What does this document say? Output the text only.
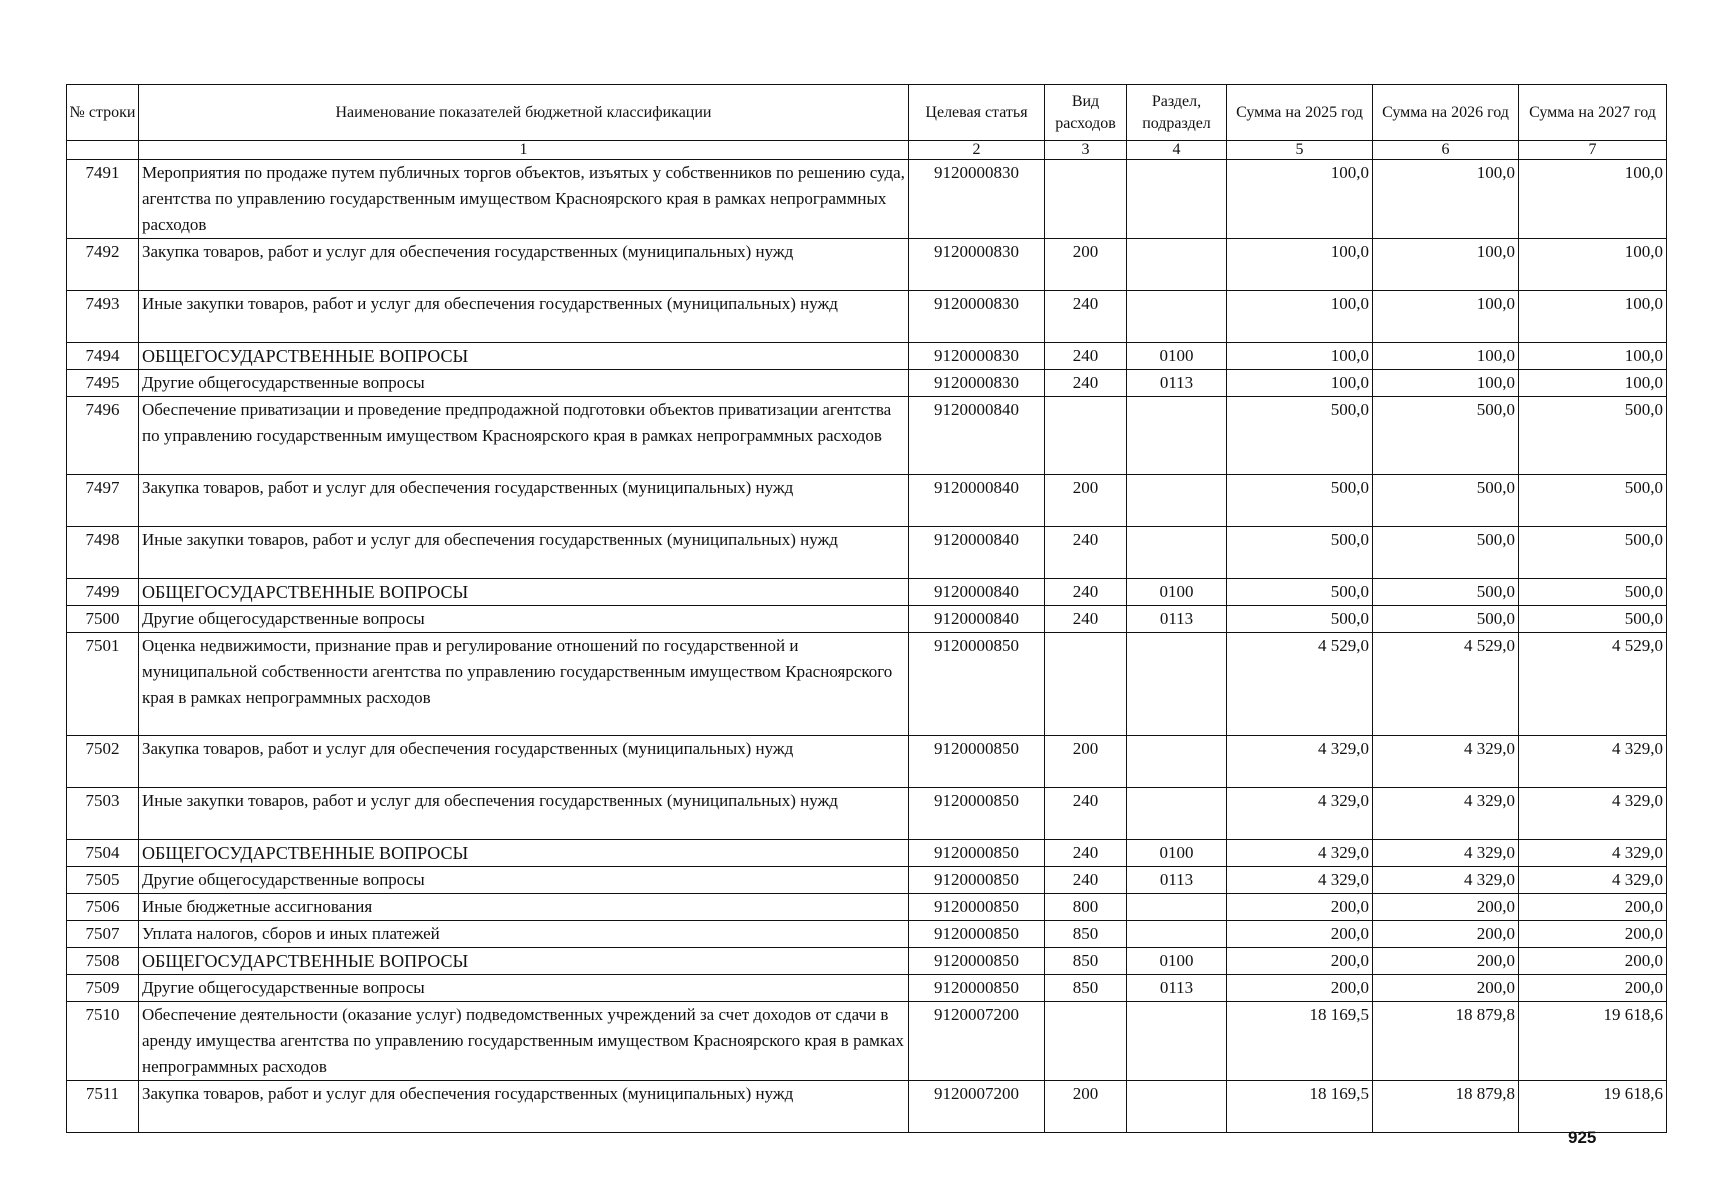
№ строки	Наименование показателей бюджетной классификации	Целевая статья	Вид расходов	Раздел, подраздел	Сумма на 2025 год	Сумма на 2026 год	Сумма на 2027 год
	1	2	3	4	5	6	7
7491	Мероприятия по продаже путем публичных торгов объектов, изъятых у собственников по решению суда, агентства по управлению государственным имуществом Красноярского края в рамках непрограммных расходов	9120000830			100,0	100,0	100,0
7492	Закупка товаров, работ и услуг для обеспечения государственных (муниципальных) нужд	9120000830	200		100,0	100,0	100,0
7493	Иные закупки товаров, работ и услуг для обеспечения государственных (муниципальных) нужд	9120000830	240		100,0	100,0	100,0
7494	ОБЩЕГОСУДАРСТВЕННЫЕ ВОПРОСЫ	9120000830	240	0100	100,0	100,0	100,0
7495	Другие общегосударственные вопросы	9120000830	240	0113	100,0	100,0	100,0
7496	Обеспечение приватизации и проведение предпродажной подготовки объектов приватизации агентства по управлению государственным имуществом Красноярского края в рамках непрограммных расходов	9120000840			500,0	500,0	500,0
7497	Закупка товаров, работ и услуг для обеспечения государственных (муниципальных) нужд	9120000840	200		500,0	500,0	500,0
7498	Иные закупки товаров, работ и услуг для обеспечения государственных (муниципальных) нужд	9120000840	240		500,0	500,0	500,0
7499	ОБЩЕГОСУДАРСТВЕННЫЕ ВОПРОСЫ	9120000840	240	0100	500,0	500,0	500,0
7500	Другие общегосударственные вопросы	9120000840	240	0113	500,0	500,0	500,0
7501	Оценка недвижимости, признание прав и регулирование отношений по государственной и муниципальной собственности агентства по управлению государственным имуществом Красноярского края в рамках непрограммных расходов	9120000850			4 529,0	4 529,0	4 529,0
7502	Закупка товаров, работ и услуг для обеспечения государственных (муниципальных) нужд	9120000850	200		4 329,0	4 329,0	4 329,0
7503	Иные закупки товаров, работ и услуг для обеспечения государственных (муниципальных) нужд	9120000850	240		4 329,0	4 329,0	4 329,0
7504	ОБЩЕГОСУДАРСТВЕННЫЕ ВОПРОСЫ	9120000850	240	0100	4 329,0	4 329,0	4 329,0
7505	Другие общегосударственные вопросы	9120000850	240	0113	4 329,0	4 329,0	4 329,0
7506	Иные бюджетные ассигнования	9120000850	800		200,0	200,0	200,0
7507	Уплата налогов, сборов и иных платежей	9120000850	850		200,0	200,0	200,0
7508	ОБЩЕГОСУДАРСТВЕННЫЕ ВОПРОСЫ	9120000850	850	0100	200,0	200,0	200,0
7509	Другие общегосударственные вопросы	9120000850	850	0113	200,0	200,0	200,0
7510	Обеспечение деятельности (оказание услуг) подведомственных учреждений за счет доходов от сдачи в аренду имущества агентства по управлению государственным имуществом Красноярского края в рамках непрограммных расходов	9120007200			18 169,5	18 879,8	19 618,6
7511	Закупка товаров, работ и услуг для обеспечения государственных (муниципальных) нужд	9120007200	200		18 169,5	18 879,8	19 618,6
925
